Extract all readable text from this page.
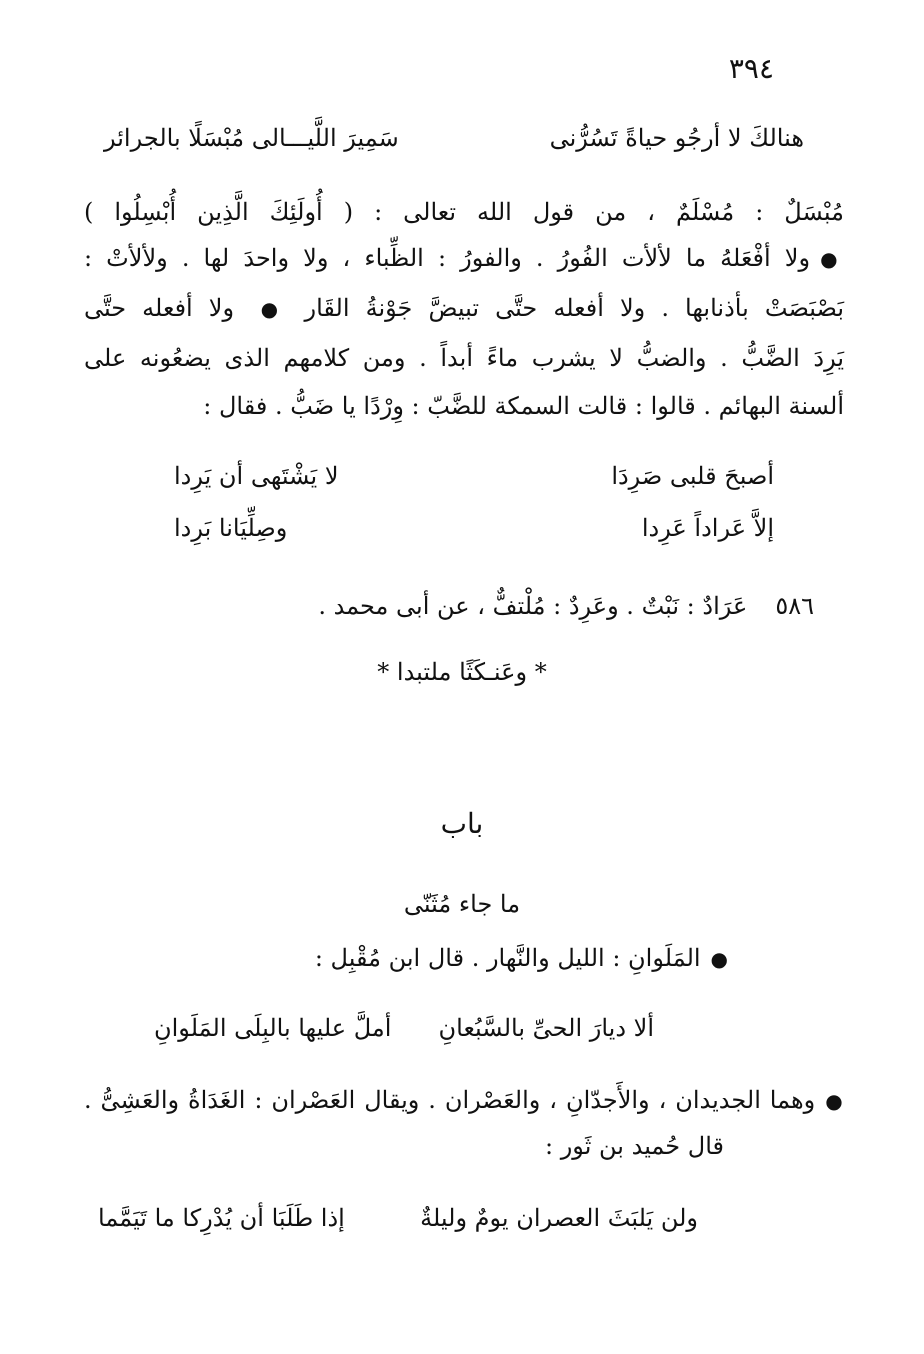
٣٩٤
هنالكَ لا أرجُو حياةً تَسُرُّنى
سَمِيرَ اللَّيـــالى مُبْسَلًا بالجرائر
مُبْسَلٌ : مُسْلَمٌ ، من قول الله تعالى : ( أُولَئِكَ الَّذِين أُبْسِلُوا )
●ولا أفْعَلهُ ما لألأت الفُورُ . والفورُ : الظِّباء ، ولا واحدَ لها . ولألأتْ :
بَصْبَصَتْ بأذنابها . ولا أفعله حتَّى تبيضَّ جَوْنةُ القَار●ولا أفعله حتَّى
يَرِدَ الضَّبُّ . والضبُّ لا يشرب ماءً أبداً . ومن كلامهم الذى يضعُونه على
ألسنة البهائم . قالوا : قالت السمكة للضَّبّ : وِرْدًا يا ضَبُّ . فقال :
أصبحَ قلبى صَرِدَا
لا يَشْتَهى أن يَرِدا
إلاَّ عَراداً عَرِدا
وصِلِّيَانا بَرِدا
٥٨٦عَرَادٌ : نَبْتٌ . وعَرِدٌ : مُلْتفٌّ ، عن أبى محمد .
* وعَنـكَثًا ملتبدا *
باب
ما جاء مُثَنّى
●المَلَوانِ : الليل والنَّهار . قال ابن مُقْبِل :
ألا ديارَ الحىِّ بالسَّبُعانِ
أملَّ عليها بالبِلَى المَلَوانِ
●وهما الجديدان ، والأَجدّانِ ، والعَصْران . ويقال العَصْران : الغَدَاةُ والعَشِىُّ .
قال حُميد بن ثَور :
ولن يَلبَثَ العصران يومٌ وليلةٌ
إذا طَلَبَا أن يُدْرِكا ما تَيَمَّما
